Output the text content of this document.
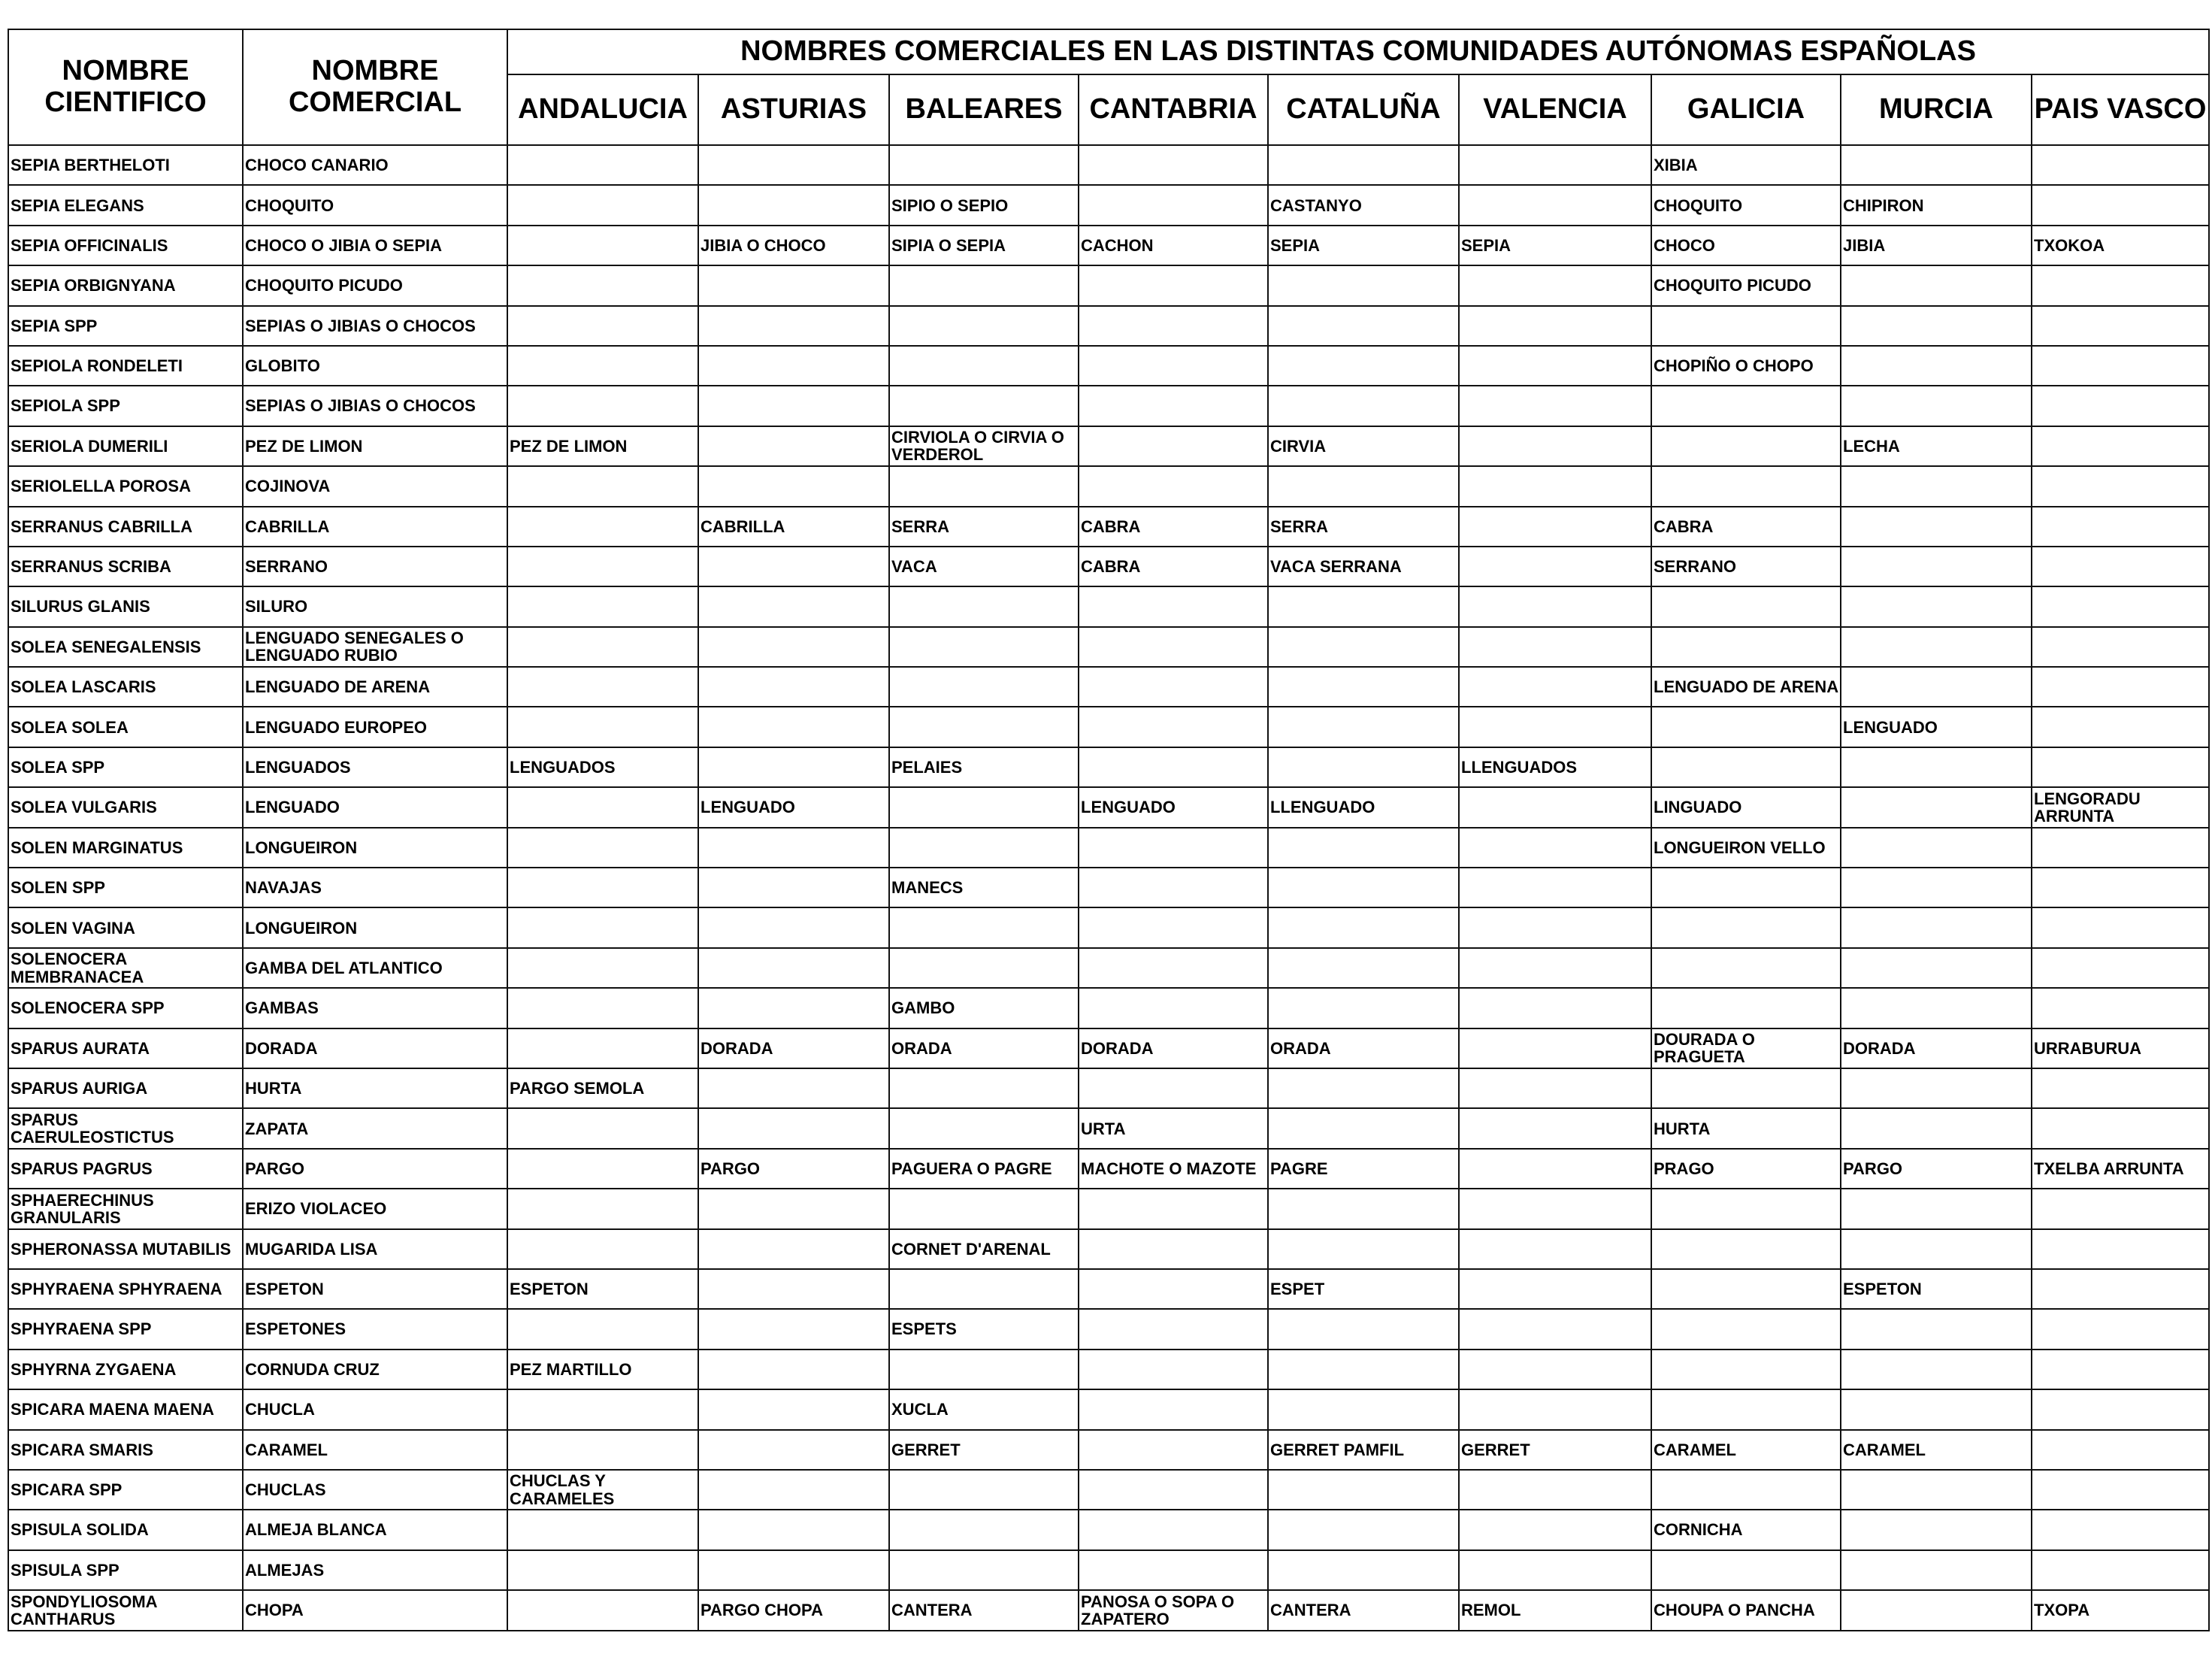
NOMBRE CIENTIFICO	NOMBRE COMERCIAL	NOMBRES COMERCIALES EN LAS DISTINTAS COMUNIDADES AUTÓNOMAS ESPAÑOLAS								
		ANDALUCIA	ASTURIAS	BALEARES	CANTABRIA	CATALUÑA	VALENCIA	GALICIA	MURCIA	PAIS VASCO
SEPIA BERTHELOTI	CHOCO CANARIO							XIBIA		
SEPIA ELEGANS	CHOQUITO			SIPIO O SEPIO		CASTANYO		CHOQUITO	CHIPIRON	
SEPIA OFFICINALIS	CHOCO O JIBIA O SEPIA		JIBIA O CHOCO	SIPIA O SEPIA	CACHON	SEPIA	SEPIA	CHOCO	JIBIA	TXOKOA
SEPIA ORBIGNYANA	CHOQUITO PICUDO							CHOQUITO PICUDO		
SEPIA SPP	SEPIAS O JIBIAS O CHOCOS									
SEPIOLA RONDELETI	GLOBITO							CHOPIÑO O CHOPO		
SEPIOLA SPP	SEPIAS O JIBIAS O CHOCOS									
SERIOLA DUMERILI	PEZ DE LIMON	PEZ DE LIMON		CIRVIOLA O CIRVIA O VERDEROL		CIRVIA			LECHA	
SERIOLELLA POROSA	COJINOVA									
SERRANUS CABRILLA	CABRILLA		CABRILLA	SERRA	CABRA	SERRA		CABRA		
SERRANUS SCRIBA	SERRANO			VACA	CABRA	VACA SERRANA		SERRANO		
SILURUS GLANIS	SILURO									
SOLEA SENEGALENSIS	LENGUADO SENEGALES O LENGUADO RUBIO									
SOLEA LASCARIS	LENGUADO DE ARENA							LENGUADO DE ARENA		
SOLEA SOLEA	LENGUADO EUROPEO								LENGUADO	
SOLEA SPP	LENGUADOS	LENGUADOS		PELAIES			LLENGUADOS			
SOLEA VULGARIS	LENGUADO		LENGUADO		LENGUADO	LLENGUADO		LINGUADO		LENGORADU ARRUNTA
SOLEN MARGINATUS	LONGUEIRON							LONGUEIRON VELLO		
SOLEN SPP	NAVAJAS			MANECS						
SOLEN VAGINA	LONGUEIRON									
SOLENOCERA MEMBRANACEA	GAMBA DEL ATLANTICO									
SOLENOCERA SPP	GAMBAS			GAMBO						
SPARUS AURATA	DORADA		DORADA	ORADA	DORADA	ORADA		DOURADA O PRAGUETA	DORADA	URRABURUA
SPARUS AURIGA	HURTA	PARGO SEMOLA								
SPARUS CAERULEOSTICTUS	ZAPATA				URTA			HURTA		
SPARUS PAGRUS	PARGO		PARGO	PAGUERA O PAGRE	MACHOTE O MAZOTE	PAGRE		PRAGO	PARGO	TXELBA ARRUNTA
SPHAERECHINUS GRANULARIS	ERIZO VIOLACEO									
SPHERONASSA MUTABILIS	MUGARIDA LISA			CORNET D'ARENAL						
SPHYRAENA SPHYRAENA	ESPETON	ESPETON				ESPET			ESPETON	
SPHYRAENA SPP	ESPETONES			ESPETS						
SPHYRNA ZYGAENA	CORNUDA CRUZ	PEZ MARTILLO								
SPICARA MAENA MAENA	CHUCLA			XUCLA						
SPICARA SMARIS	CARAMEL			GERRET		GERRET PAMFIL	GERRET	CARAMEL	CARAMEL	
SPICARA SPP	CHUCLAS	CHUCLAS Y CARAMELES								
SPISULA SOLIDA	ALMEJA BLANCA							CORNICHA		
SPISULA SPP	ALMEJAS									
SPONDYLIOSOMA CANTHARUS	CHOPA		PARGO CHOPA	CANTERA	PANOSA O SOPA O ZAPATERO	CANTERA	REMOL	CHOUPA O PANCHA		TXOPA
